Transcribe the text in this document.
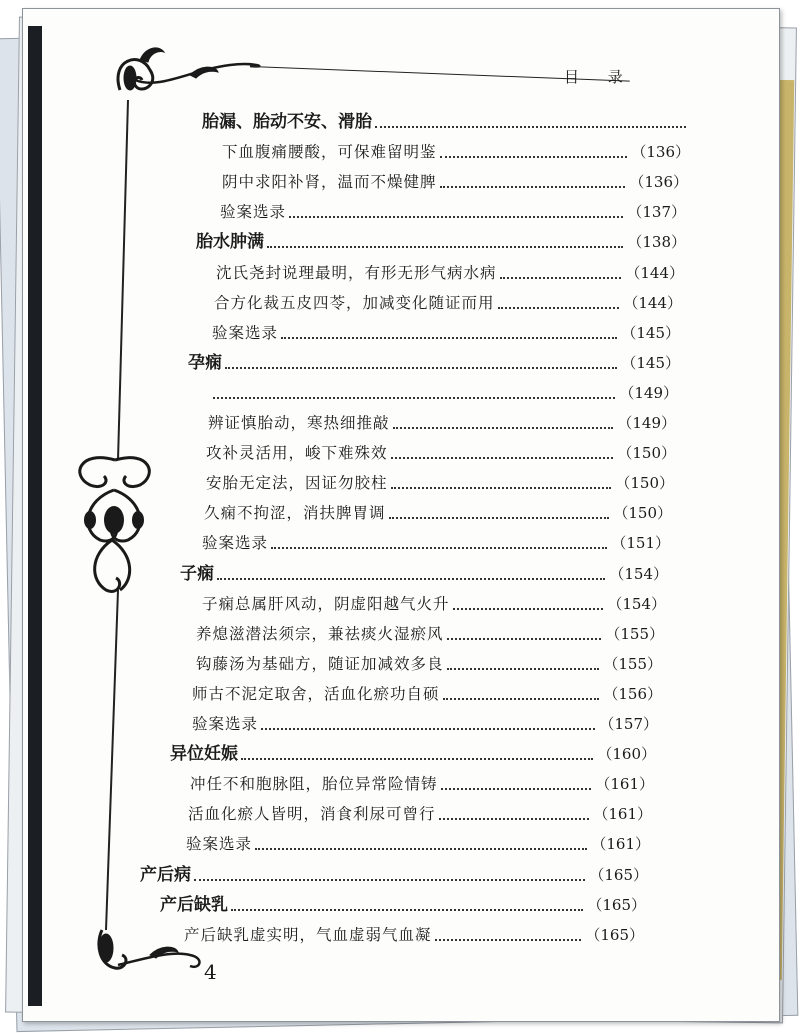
目 录
胎漏、胎动不安、滑胎
下血腹痛腰酸，可保难留明鉴	（136）
阴中求阳补肾，温而不燥健脾	（136）
验案选录	（137）
胎水肿满	（138）
沈氏尧封说理最明，有形无形气病水病	（144）
合方化裁五皮四苓，加减变化随证而用	（144）
验案选录	（145）
孕痫	（145）
（149）
辨证慎胎动，寒热细推敲	（149）
攻补灵活用，峻下难殊效	（150）
安胎无定法，因证勿胶柱	（150）
久痫不拘涩，消扶脾胃调	（150）
验案选录	（151）
子痫	（154）
子痫总属肝风动，阴虚阳越气火升	（154）
养熄滋潜法须宗，兼祛痰火湿瘀风	（155）
钩藤汤为基础方，随证加减效多良	（155）
师古不泥定取舍，活血化瘀功自硕	（156）
验案选录	（157）
异位妊娠	（160）
冲任不和胞脉阻，胎位异常险情铸	（161）
活血化瘀人皆明，消食利尿可曾行	（161）
验案选录	（161）
产后病	（165）
产后缺乳	（165）
产后缺乳虚实明，气血虚弱气血凝	（165）
4
